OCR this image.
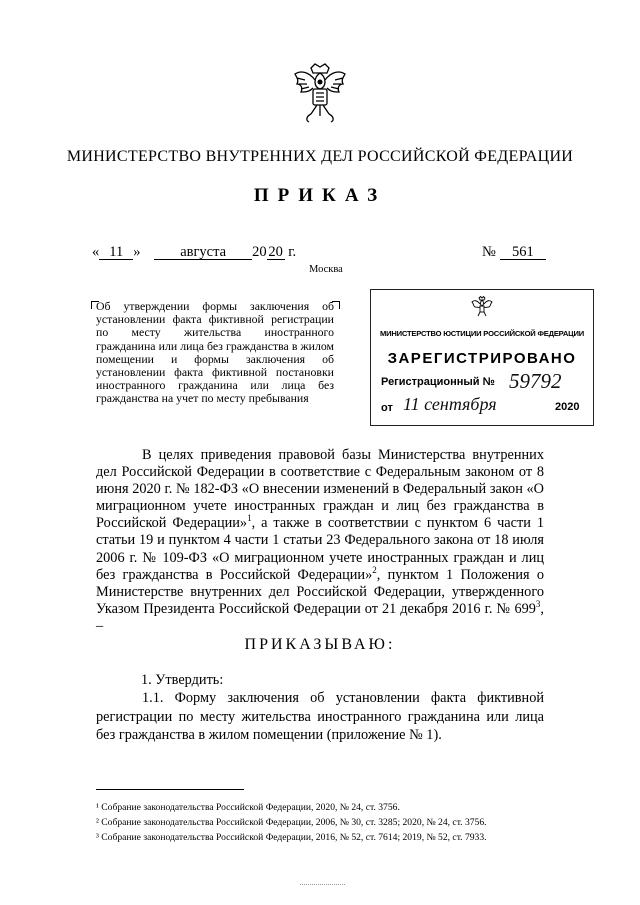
МИНИСТЕРСТВО ВНУТРЕННИХ ДЕЛ РОССИЙСКОЙ ФЕДЕРАЦИИ
ПРИКАЗ
« 11 » августа 20 20 г.	№ 561
Москва
Об утверждении формы заключения об установлении факта фиктивной регистрации по месту жительства иностранного гражданина или лица без гражданства в жилом помещении и формы заключения об установлении факта фиктивной постановки иностранного гражданина или лица без гражданства на учет по месту пребывания
МИНИСТЕРСТВО ЮСТИЦИИ РОССИЙСКОЙ ФЕДЕРАЦИИ
ЗАРЕГИСТРИРОВАНО
Регистрационный № 59792
от 11 сентября	2020
В целях приведения правовой базы Министерства внутренних дел Российской Федерации в соответствие с Федеральным законом от 8 июня 2020 г. № 182-ФЗ «О внесении изменений в Федеральный закон «О миграционном учете иностранных граждан и лиц без гражданства в Российской Федерации»$^1$, а также в соответствии с пунктом 6 части 1 статьи 19 и пунктом 4 части 1 статьи 23 Федерального закона от 18 июля 2006 г. № 109-ФЗ «О миграционном учете иностранных граждан и лиц без гражданства в Российской Федерации»$^2$, пунктом 1 Положения о Министерстве внутренних дел Российской Федерации, утвержденного Указом Президента Российской Федерации от 21 декабря 2016 г. № $699^3$, –
ПРИКАЗЫВАЮ:
1. Утвердить:
1.1. Форму заключения об установлении факта фиктивной регистрации по месту жительства иностранного гражданина или лица без гражданства в жилом помещении (приложение № 1).
¹ Собрание законодательства Российской Федерации, 2020, № 24, ст. 3756.
² Собрание законодательства Российской Федерации, 2006, № 30, ст. 3285; 2020, № 24, ст. 3756.
³ Собрание законодательства Российской Федерации, 2016, № 52, ст. 7614; 2019, № 52, ст. 7933.
